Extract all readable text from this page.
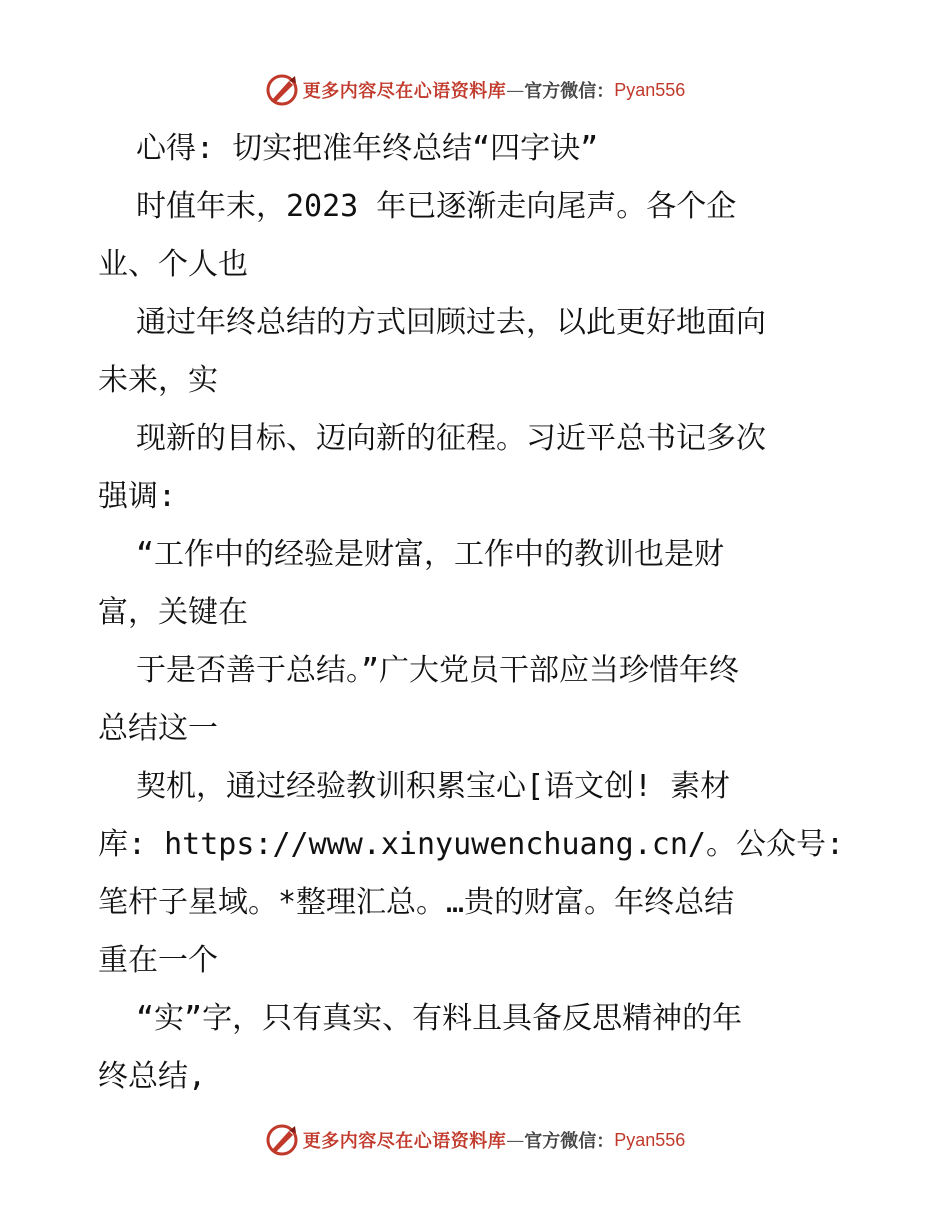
更多内容尽在心语资料库 — 官方微信： Pyan556
心得: 切实把准年终总结“四字诀”
时值年末，2023 年已逐渐走向尾声。各个企
业、个人也
通过年终总结的方式回顾过去，以此更好地面向
未来，实
现新的目标、迈向新的征程。习近平总书记多次
强调:
“工作中的经验是财富，工作中的教训也是财
富，关键在
于是否善于总结。”广大党员干部应当珍惜年终
总结这一
契机，通过经验教训积累宝心[语文创! 素材
库: https://www.xinyuwenchuang.cn/。公众号:
笔杆子星域。*整理汇总。…贵的财富。年终总结
重在一个
“实”字，只有真实、有料且具备反思精神的年
终总结,
更多内容尽在心语资料库 — 官方微信： Pyan556
